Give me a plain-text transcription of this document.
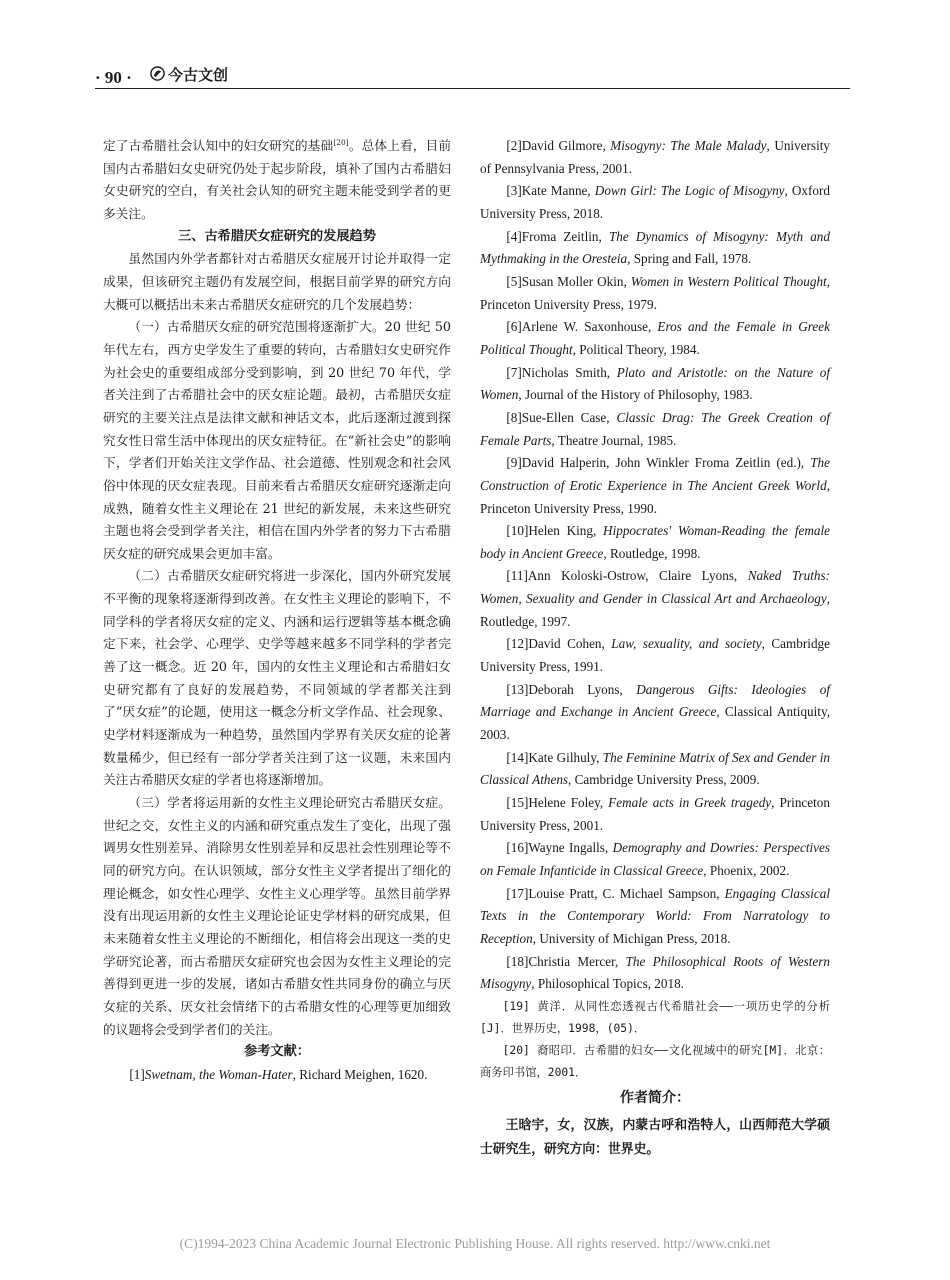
· 90 · 今古文创

定了古希腊社会认知中的妇女研究的基础[20]。总体上看，目前国内古希腊妇女史研究仍处于起步阶段，填补了国内古希腊妇女史研究的空白，有关社会认知的研究主题未能受到学者的更多关注。

三、古希腊厌女症研究的发展趋势

虽然国内外学者都针对古希腊厌女症展开讨论并取得一定成果，但该研究主题仍有发展空间，根据目前学界的研究方向大概可以概括出未来古希腊厌女症研究的几个发展趋势：

（一）古希腊厌女症的研究范围将逐渐扩大。20 世纪 50 年代左右，西方史学发生了重要的转向，古希腊妇女史研究作为社会史的重要组成部分受到影响，到 20 世纪 70 年代，学者关注到了古希腊社会中的厌女症论题。最初，古希腊厌女症研究的主要关注点是法律文献和神话文本，此后逐渐过渡到探究女性日常生活中体现出的厌女症特征。在“新社会史”的影响下，学者们开始关注文学作品、社会道德、性别观念和社会风俗中体现的厌女症表现。目前来看古希腊厌女症研究逐渐走向成熟，随着女性主义理论在 21 世纪的新发展，未来这些研究主题也将会受到学者关注，相信在国内外学者的努力下古希腊厌女症的研究成果会更加丰富。

（二）古希腊厌女症研究将进一步深化，国内外研究发展不平衡的现象将逐渐得到改善。在女性主义理论的影响下，不同学科的学者将厌女症的定义、内涵和运行逻辑等基本概念确定下来，社会学、心理学、史学等越来越多不同学科的学者完善了这一概念。近 20 年，国内的女性主义理论和古希腊妇女史研究都有了良好的发展趋势，不同领域的学者都关注到了“厌女症”的论题，使用这一概念分析文学作品、社会现象、史学材料逐渐成为一种趋势，虽然国内学界有关厌女症的论著数量稀少，但已经有一部分学者关注到了这一议题，未来国内关注古希腊厌女症的学者也将逐渐增加。

（三）学者将运用新的女性主义理论研究古希腊厌女症。世纪之交，女性主义的内涵和研究重点发生了变化，出现了强调男女性别差异、消除男女性别差异和反思社会性别理论等不同的研究方向。在认识领域，部分女性主义学者提出了细化的理论概念，如女性心理学、女性主义心理学等。虽然目前学界没有出现运用新的女性主义理论论证史学材料的研究成果，但未来随着女性主义理论的不断细化，相信将会出现这一类的史学研究论著，而古希腊厌女症研究也会因为女性主义理论的完善得到更进一步的发展，诸如古希腊女性共同身份的确立与厌女症的关系、厌女社会情绪下的古希腊女性的心理等更加细致的议题将会受到学者们的关注。

参考文献：

[1]Swetnam, the Woman-Hater, Richard Meighen, 1620.

[2]David Gilmore, Misogyny: The Male Malady, University of Pennsylvania Press, 2001.

[3]Kate Manne, Down Girl: The Logic of Misogyny, Oxford University Press, 2018.

[4]Froma Zeitlin, The Dynamics of Misogyny: Myth and Mythmaking in the Oresteia, Spring and Fall, 1978.

[5]Susan Moller Okin, Women in Western Political Thought, Princeton University Press, 1979.

[6]Arlene W. Saxonhouse, Eros and the Female in Greek Political Thought, Political Theory, 1984.

[7]Nicholas Smith, Plato and Aristotle: on the Nature of Women, Journal of the History of Philosophy, 1983.

[8]Sue-Ellen Case, Classic Drag: The Greek Creation of Female Parts, Theatre Journal, 1985.

[9]David Halperin, John Winkler Froma Zeitlin (ed.), The Construction of Erotic Experience in The Ancient Greek World, Princeton University Press, 1990.

[10]Helen King, Hippocrates' Woman-Reading the female body in Ancient Greece, Routledge, 1998.

[11]Ann Koloski-Ostrow, Claire Lyons, Naked Truths: Women, Sexuality and Gender in Classical Art and Archaeology, Routledge, 1997.

[12]David Cohen, Law, sexuality, and society, Cambridge University Press, 1991.

[13]Deborah Lyons, Dangerous Gifts: Ideologies of Marriage and Exchange in Ancient Greece, Classical Antiquity, 2003.

[14]Kate Gilhuly, The Feminine Matrix of Sex and Gender in Classical Athens, Cambridge University Press, 2009.

[15]Helene Foley, Female acts in Greek tragedy, Princeton University Press, 2001.

[16]Wayne Ingalls, Demography and Dowries: Perspectives on Female Infanticide in Classical Greece, Phoenix, 2002.

[17]Louise Pratt, C. Michael Sampson, Engaging Classical Texts in the Contemporary World: From Narratology to Reception, University of Michigan Press, 2018.

[18]Christia Mercer, The Philosophical Roots of Western Misogyny, Philosophical Topics, 2018.

[19] 黄洋．从同性恋透视古代希腊社会——一项历史学的分析[J]．世界历史，1998，(05)．

[20] 裔昭印．古希腊的妇女——文化视域中的研究[M]．北京：商务印书馆，2001．

作者简介：

王晗宇，女，汉族，内蒙古呼和浩特人，山西师范大学硕士研究生，研究方向：世界史。

(C)1994-2023 China Academic Journal Electronic Publishing House. All rights reserved. http://www.cnki.net
